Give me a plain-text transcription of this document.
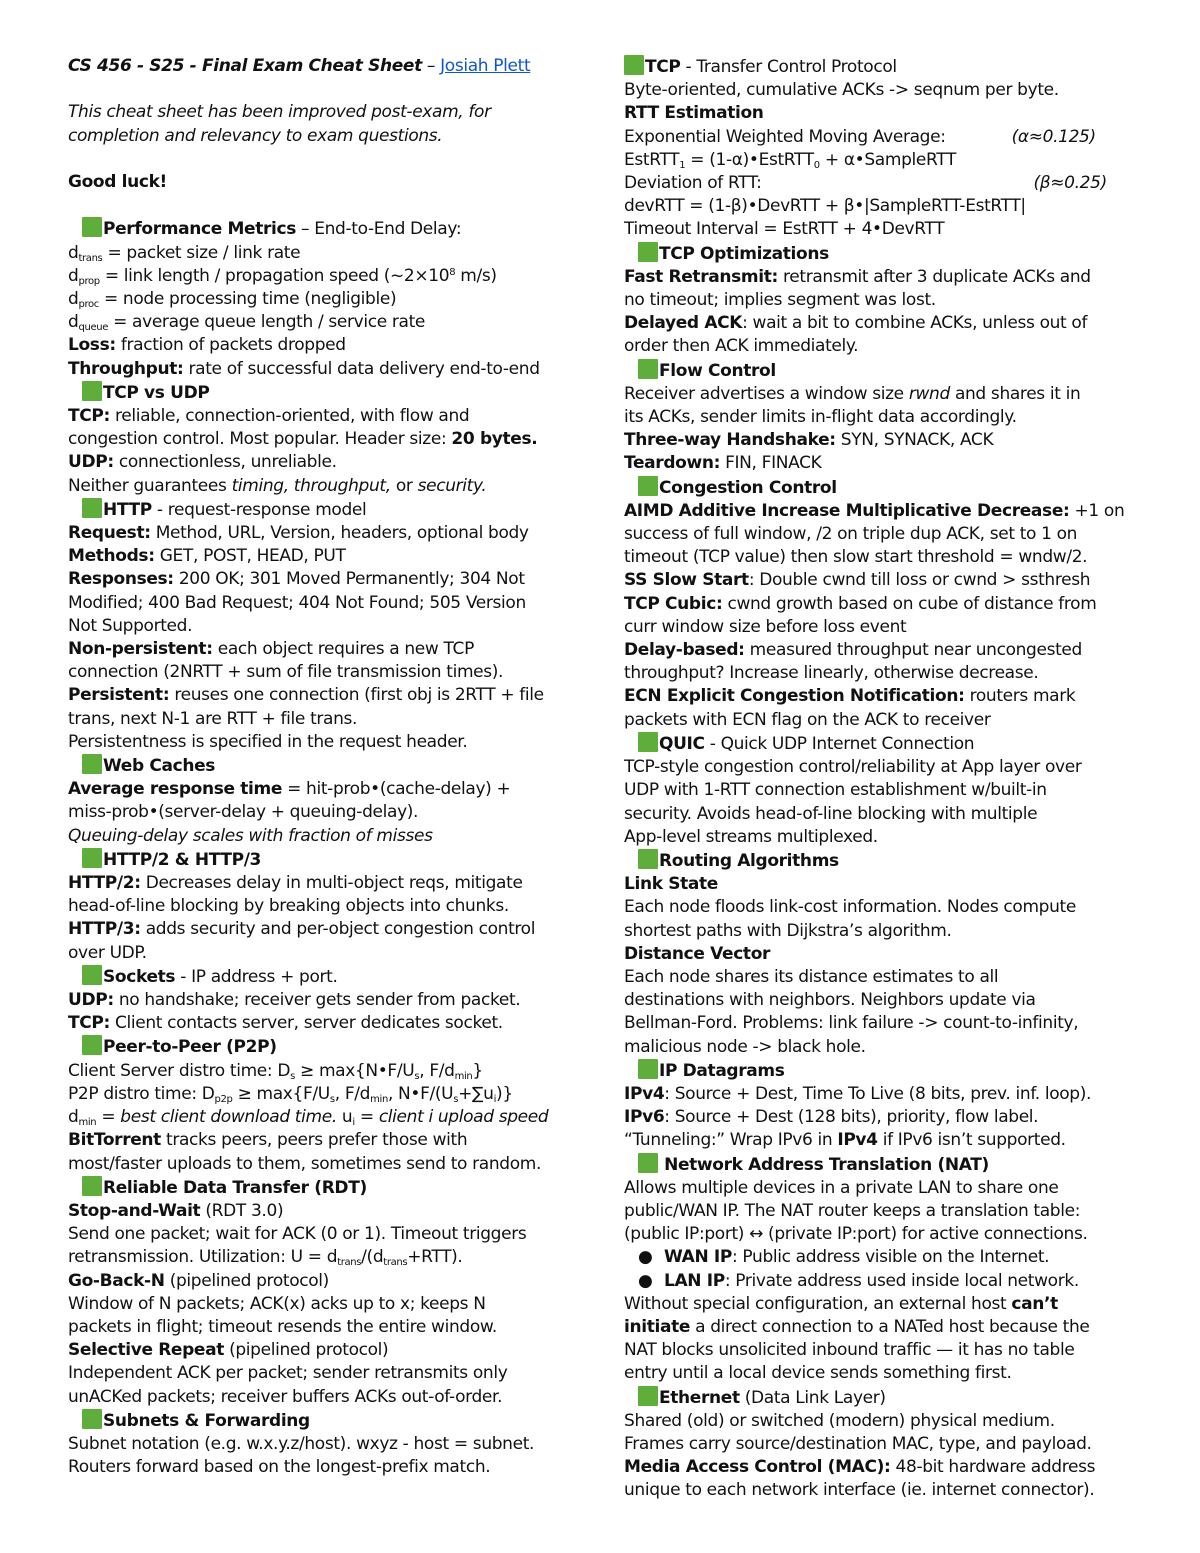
CS 456 - S25 - Final Exam Cheat Sheet – Josiah Plett
This cheat sheet has been improved post-exam, for
completion and relevancy to exam questions.
Good luck!
Performance Metrics – End-to-End Delay:
$d_{trans}$ = packet size / link rate
$d_{prop}$ = link length / propagation speed ($\sim 2\times 10^8$ m/s)
$d_{proc}$ = node processing time (negligible)
$d_{queue}$ = average queue length / service rate
Loss: fraction of packets dropped
Throughput: rate of successful data delivery end-to-end
TCP vs UDP
TCP: reliable, connection-oriented, with flow and
congestion control. Most popular. Header size: 20 bytes.
UDP: connectionless, unreliable.
Neither guarantees timing, throughput, or security.
HTTP - request-response model
Request: Method, URL, Version, headers, optional body
Methods: GET, POST, HEAD, PUT
Responses: 200 OK; 301 Moved Permanently; 304 Not
Modified; 400 Bad Request; 404 Not Found; 505 Version
Not Supported.
Non-persistent: each object requires a new TCP
connection (2NRTT + sum of file transmission times).
Persistent: reuses one connection (first obj is 2RTT + file
trans, next N-1 are RTT + file trans.
Persistentness is specified in the request header.
Web Caches
Average response time = hit-prob•(cache-delay) +
miss-prob•(server-delay + queuing-delay).
Queuing-delay scales with fraction of misses
HTTP/2 & HTTP/3
HTTP/2: Decreases delay in multi-object reqs, mitigate
head-of-line blocking by breaking objects into chunks.
HTTP/3: adds security and per-object congestion control
over UDP.
Sockets - IP address + port.
UDP: no handshake; receiver gets sender from packet.
TCP: Client contacts server, server dedicates socket.
Peer-to-Peer (P2P)
Client Server distro time: $D_s$ ≥ $\max\{N•F/U_s$, $F/d_{min}$}
P2P distro time: $D_{p2p} \ge \max\{F/U_s$, $F/d_{min}$, $N•F/(U_s+\sum u_i)$}
$d_{min}$ = best client download time. $u_i$ = client i upload speed
BitTorrent tracks peers, peers prefer those with
most/faster uploads to them, sometimes send to random.
Reliable Data Transfer (RDT)
Stop-and-Wait (RDT 3.0)
Send one packet; wait for ACK (0 or 1). Timeout triggers
retransmission. Utilization: $U = d_{trans}/(d_{trans}+RTT)$.
Go-Back-N (pipelined protocol)
Window of N packets; ACK(x) acks up to x; keeps N
packets in flight; timeout resends the entire window.
Selective Repeat (pipelined protocol)
Independent ACK per packet; sender retransmits only
unACKed packets; receiver buffers ACKs out-of-order.
Subnets & Forwarding
Subnet notation (e.g. w.x.y.z/host). wxyz - host = subnet.
Routers forward based on the longest-prefix match.
TCP - Transfer Control Protocol
Byte-oriented, cumulative ACKs -> seqnum per byte.
RTT Estimation
Exponential Weighted Moving Average:	(α≈0.125)
EstRTT$_1$ = (1-α)•EstRTT$_0$ + α•SampleRTT
Deviation of RTT:	(β≈0.25)
devRTT = (1-β)•DevRTT + β•|SampleRTT-EstRTT|
Timeout Interval = EstRTT + 4•DevRTT
TCP Optimizations
Fast Retransmit: retransmit after 3 duplicate ACKs and
no timeout; implies segment was lost.
Delayed ACK: wait a bit to combine ACKs, unless out of
order then ACK immediately.
Flow Control
Receiver advertises a window size rwnd and shares it in
its ACKs, sender limits in-flight data accordingly.
Three-way Handshake: SYN, SYNACK, ACK
Teardown: FIN, FINACK
Congestion Control
AIMD Additive Increase Multiplicative Decrease: +1 on
success of full window, /2 on triple dup ACK, set to 1 on
timeout (TCP value) then slow start threshold = wndw/2.
SS Slow Start: Double cwnd till loss or cwnd > ssthresh
TCP Cubic: cwnd growth based on cube of distance from
curr window size before loss event
Delay-based: measured throughput near uncongested
throughput? Increase linearly, otherwise decrease.
ECN Explicit Congestion Notification: routers mark
packets with ECN flag on the ACK to receiver
QUIC - Quick UDP Internet Connection
TCP-style congestion control/reliability at App layer over
UDP with 1-RTT connection establishment w/built-in
security. Avoids head-of-line blocking with multiple
App-level streams multiplexed.
Routing Algorithms
Link State
Each node floods link-cost information. Nodes compute
shortest paths with Dijkstra’s algorithm.
Distance Vector
Each node shares its distance estimates to all
destinations with neighbors. Neighbors update via
Bellman-Ford. Problems: link failure -> count-to-infinity,
malicious node -> black hole.
IP Datagrams
IPv4: Source + Dest, Time To Live (8 bits, prev. inf. loop).
IPv6: Source + Dest (128 bits), priority, flow label.
“Tunneling:” Wrap IPv6 in IPv4 if IPv6 isn’t supported.
Network Address Translation (NAT)
Allows multiple devices in a private LAN to share one
public/WAN IP. The NAT router keeps a translation table:
(public IP:port) ↔ (private IP:port) for active connections.
● WAN IP: Public address visible on the Internet.
● LAN IP: Private address used inside local network.
Without special configuration, an external host can’t
initiate a direct connection to a NATed host because the
NAT blocks unsolicited inbound traffic — it has no table
entry until a local device sends something first.
Ethernet (Data Link Layer)
Shared (old) or switched (modern) physical medium.
Frames carry source/destination MAC, type, and payload.
Media Access Control (MAC): 48-bit hardware address
unique to each network interface (ie. internet connector).
